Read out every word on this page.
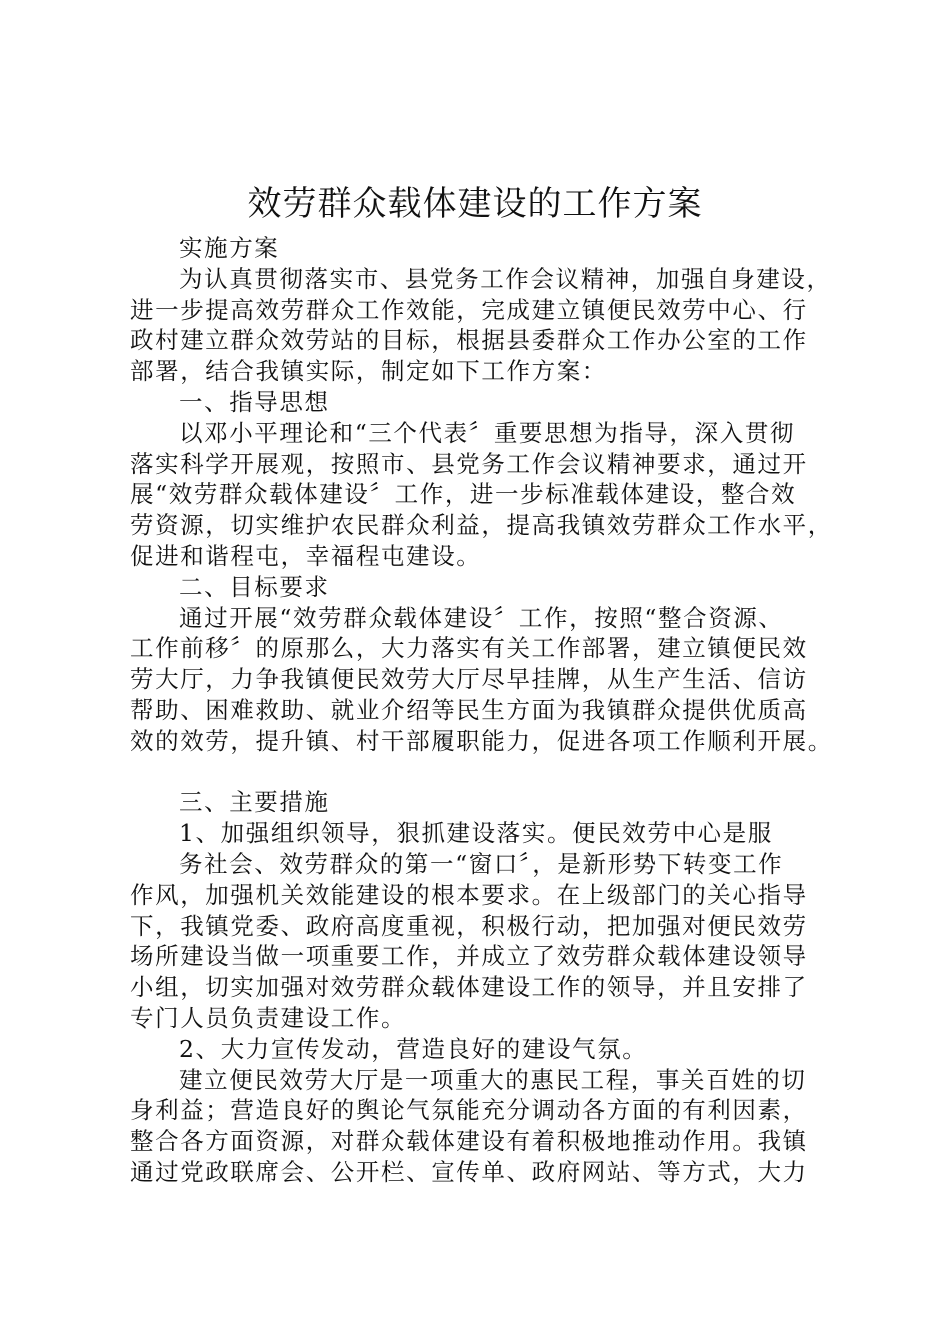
效劳群众载体建设的工作方案
实施方案
为认真贯彻落实市、县党务工作会议精神，加强自身建设，
进一步提高效劳群众工作效能，完成建立镇便民效劳中心、行
政村建立群众效劳站的目标，根据县委群众工作办公室的工作
部署，结合我镇实际，制定如下工作方案：
一、指导思想
以邓小平理论和“三个代表〞重要思想为指导，深入贯彻
落实科学开展观，按照市、县党务工作会议精神要求，通过开
展“效劳群众载体建设〞工作，进一步标准载体建设，整合效
劳资源，切实维护农民群众利益，提高我镇效劳群众工作水平，
促进和谐程屯，幸福程屯建设。
二、目标要求
通过开展“效劳群众载体建设〞工作，按照“整合资源、
工作前移〞的原那么，大力落实有关工作部署，建立镇便民效
劳大厅，力争我镇便民效劳大厅尽早挂牌，从生产生活、信访
帮助、困难救助、就业介绍等民生方面为我镇群众提供优质高
效的效劳，提升镇、村干部履职能力，促进各项工作顺利开展。
三、主要措施
1、加强组织领导，狠抓建设落实。便民效劳中心是服
务社会、效劳群众的第一“窗口〞，是新形势下转变工作
作风，加强机关效能建设的根本要求。在上级部门的关心指导
下，我镇党委、政府高度重视，积极行动，把加强对便民效劳
场所建设当做一项重要工作，并成立了效劳群众载体建设领导
小组，切实加强对效劳群众载体建设工作的领导，并且安排了
专门人员负责建设工作。
2、大力宣传发动，营造良好的建设气氛。
建立便民效劳大厅是一项重大的惠民工程，事关百姓的切
身利益；营造良好的舆论气氛能充分调动各方面的有利因素，
整合各方面资源，对群众载体建设有着积极地推动作用。我镇
通过党政联席会、公开栏、宣传单、政府网站、等方式，大力
